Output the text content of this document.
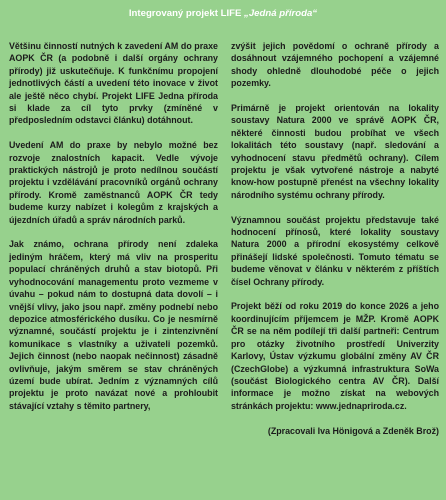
Integrovaný projekt LIFE „Jedná příroda“

Většinu činností nutných k zavedení AM do praxe AOPK ČR (a podobně i další orgány ochrany přírody) již uskutečňuje. K funkčnímu propojení jednotlivých částí a uvedení této inovace v život ale ještě něco chybí. Projekt LIFE Jedna příroda si klade za cíl tyto prvky (zmíněné v předposledním odstavci článku) dotáhnout.

Uvedení AM do praxe by nebylo možné bez rozvoje znalostních kapacit. Vedle vývoje praktických nástrojů je proto nedílnou součástí projektu i vzdělávání pracovníků orgánů ochrany přírody. Kromě zaměstnanců AOPK ČR tedy budeme kurzy nabízet i kolegům z krajských a újezdních úřadů a správ národních parků.

Jak známo, ochrana přírody není zdaleka jediným hráčem, který má vliv na prosperitu populací chráněných druhů a stav biotopů. Při vyhodnocování managementu proto vezmeme v úvahu – pokud nám to dostupná data dovolí – i vnější vlivy, jako jsou např. změny podnebí nebo depozice atmosférického dusíku. Co je nesmírně významné, součástí projektu je i zintenzivnění komunikace s vlastníky a uživateli pozemků. Jejich činnost (nebo naopak nečinnost) zásadně ovlivňuje, jakým směrem se stav chráněných území bude ubírat. Jedním z významných cílů projektu je proto navázat nové a prohloubit stávající vztahy s těmito partnery,

zvýšit jejich povědomí o ochraně přírody a dosáhnout vzájemného pochopení a vzájemné shody ohledně dlouhodobé péče o jejich pozemky.

Primárně je projekt orientován na lokality soustavy Natura 2000 ve správě AOPK ČR, některé činnosti budou probíhat ve všech lokalitách této soustavy (např. sledování a vyhodnocení stavu předmětů ochrany). Cílem projektu je však vytvořené nástroje a nabyté know-how postupně přenést na všechny lokality národního systému ochrany přírody.

Významnou součást projektu představuje také hodnocení přínosů, které lokality soustavy Natura 2000 a přírodní ekosystémy celkově přinášejí lidské společnosti. Tomuto tématu se budeme věnovat v článku v některém z příštích čísel Ochrany přírody.

Projekt běží od roku 2019 do konce 2026 a jeho koordinujícím příjemcem je MŽP. Kromě AOPK ČR se na něm podílejí tři další partneři: Centrum pro otázky životního prostředí Univerzity Karlovy, Ústav výzkumu globální změny AV ČR (CzechGlobe) a výzkumná infrastruktura SoWa (součást Biologického centra AV ČR). Další informace je možno získat na webových stránkách projektu: www.jednapriroda.cz.

(Zpracovali Iva Hönigová a Zdeněk Brož)
